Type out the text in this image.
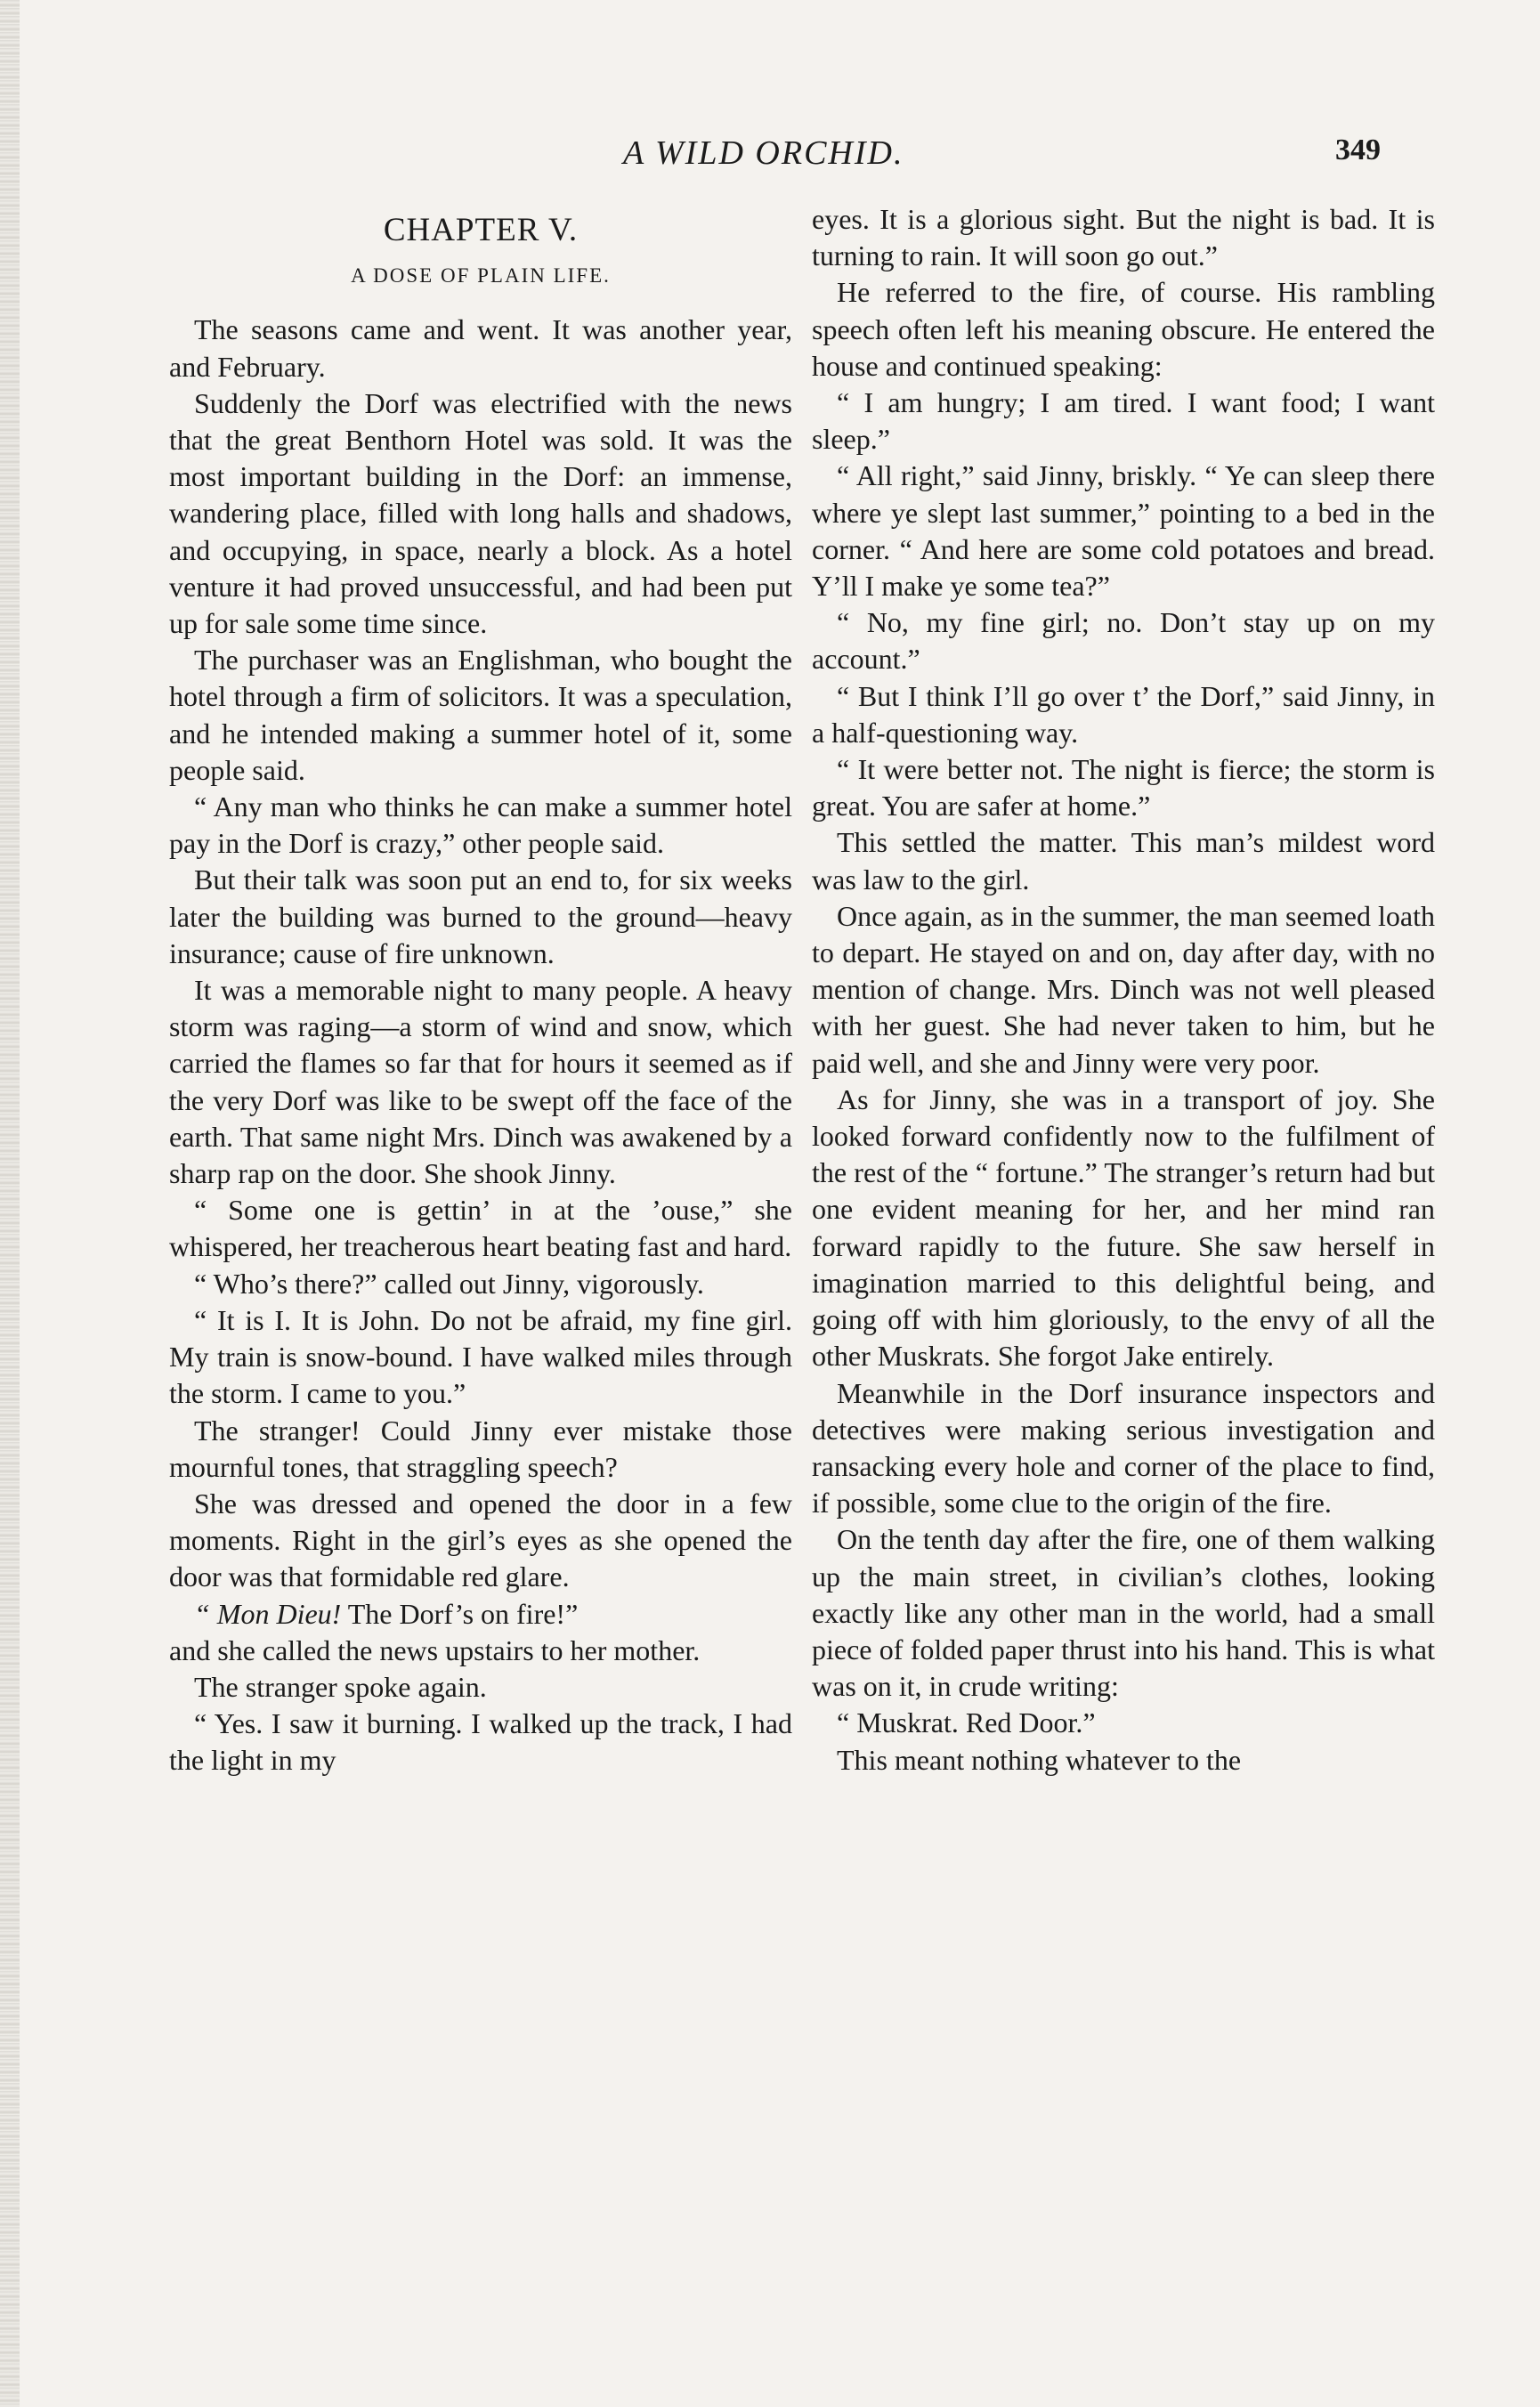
A WILD ORCHID.	349
CHAPTER V.
A DOSE OF PLAIN LIFE.

The seasons came and went. It was another year, and February.

Suddenly the Dorf was electrified with the news that the great Benthorn Hotel was sold. It was the most important building in the Dorf: an immense, wandering place, filled with long halls and shadows, and occupying, in space, nearly a block. As a hotel venture it had proved unsuccessful, and had been put up for sale some time since.

The purchaser was an Englishman, who bought the hotel through a firm of solicitors. It was a speculation, and he intended making a summer hotel of it, some people said.

“ Any man who thinks he can make a summer hotel pay in the Dorf is crazy,” other people said.

But their talk was soon put an end to, for six weeks later the building was burned to the ground—heavy insurance; cause of fire unknown.

It was a memorable night to many people. A heavy storm was raging—a storm of wind and snow, which carried the flames so far that for hours it seemed as if the very Dorf was like to be swept off the face of the earth. That same night Mrs. Dinch was awakened by a sharp rap on the door. She shook Jinny.

“ Some one is gettin’ in at the ’ouse,” she whispered, her treacherous heart beating fast and hard.

“ Who’s there?” called out Jinny, vigorously.

“ It is I. It is John. Do not be afraid, my fine girl. My train is snow-bound. I have walked miles through the storm. I came to you.”

The stranger! Could Jinny ever mistake those mournful tones, that straggling speech?

She was dressed and opened the door in a few moments. Right in the girl’s eyes as she opened the door was that formidable red glare.

“ Mon Dieu! The Dorf’s on fire!”
and she called the news upstairs to her mother.

The stranger spoke again.

“ Yes. I saw it burning. I walked up the track, I had the light in my

eyes. It is a glorious sight. But the night is bad. It is turning to rain. It will soon go out.”

He referred to the fire, of course. His rambling speech often left his meaning obscure. He entered the house and continued speaking:

“ I am hungry; I am tired. I want food; I want sleep.”

“ All right,” said Jinny, briskly. “ Ye can sleep there where ye slept last summer,” pointing to a bed in the corner. “ And here are some cold potatoes and bread. Y’ll I make ye some tea?”

“ No, my fine girl; no. Don’t stay up on my account.”

“ But I think I’ll go over t’ the Dorf,” said Jinny, in a half-questioning way.

“ It were better not. The night is fierce; the storm is great. You are safer at home.”

This settled the matter. This man’s mildest word was law to the girl.

Once again, as in the summer, the man seemed loath to depart. He stayed on and on, day after day, with no mention of change. Mrs. Dinch was not well pleased with her guest. She had never taken to him, but he paid well, and she and Jinny were very poor.

As for Jinny, she was in a transport of joy. She looked forward confidently now to the fulfilment of the rest of the “ fortune.” The stranger’s return had but one evident meaning for her, and her mind ran forward rapidly to the future. She saw herself in imagination married to this delightful being, and going off with him gloriously, to the envy of all the other Muskrats. She forgot Jake entirely.

Meanwhile in the Dorf insurance inspectors and detectives were making serious investigation and ransacking every hole and corner of the place to find, if possible, some clue to the origin of the fire.

On the tenth day after the fire, one of them walking up the main street, in civilian’s clothes, looking exactly like any other man in the world, had a small piece of folded paper thrust into his hand. This is what was on it, in crude writing:

“ Muskrat. Red Door.”

This meant nothing whatever to the
